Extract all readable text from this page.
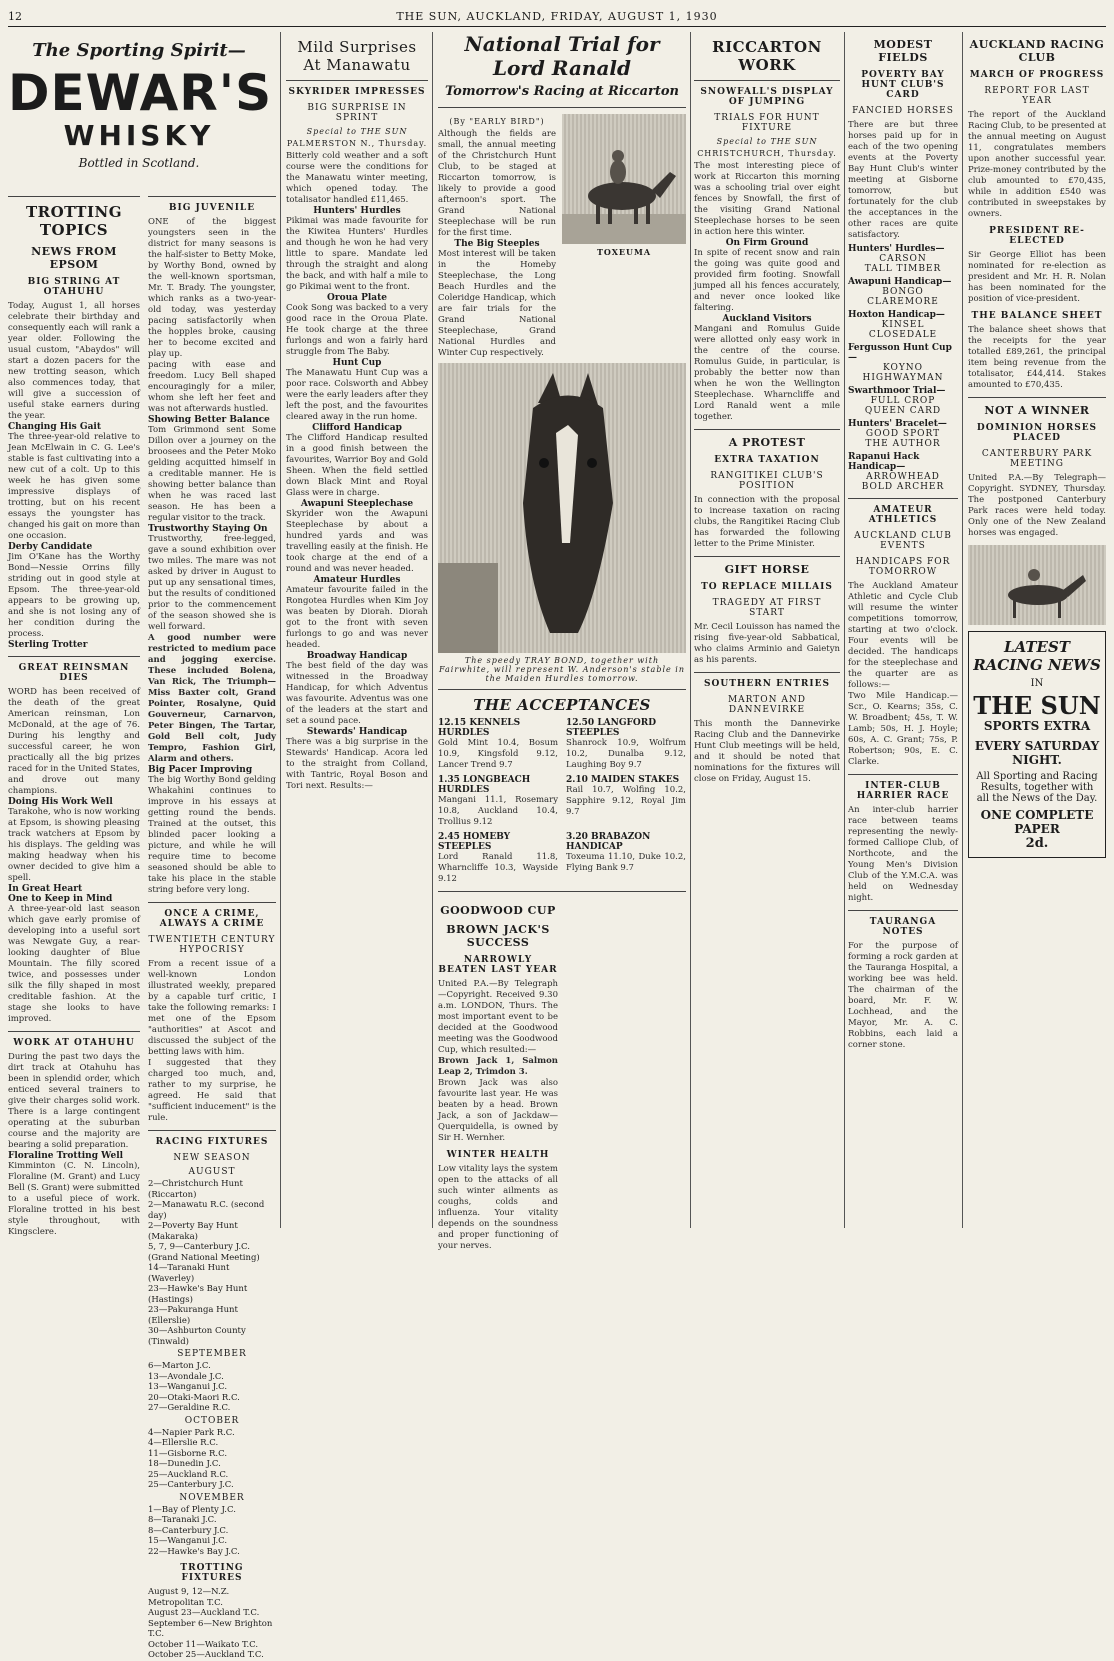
12	THE SUN, AUCKLAND, FRIDAY, AUGUST 1, 1930
The Sporting Spirit—
DEWAR'S
WHISKY
Bottled in Scotland.
TROTTING TOPICS
NEWS FROM EPSOM
BIG STRING AT OTAHUHU

Today, August 1, all horses celebrate their birthday and consequently each will rank a year older. Following the usual custom, "Abaydos" will start a dozen pacers for the new trotting season, which also commences today, that will give a succession of useful stake earners during the year.

Changing His Gait

The three-year-old relative to Jean McElwain in C. G. Lee's stable is fast cultivating into a new cut of a colt. Up to this week he has given some impressive displays of trotting, but on his recent essays the youngster has changed his gait on more than one occasion.

Derby Candidate

Jim O'Kane has the Worthy Bond—Nessie Orrins filly striding out in good style at Epsom. The three-year-old appears to be growing up, and she is not losing any of her condition during the process.

Sterling Trotter
GREAT REINSMAN DIES

WORD has been received of the death of the great American reinsman, Lon McDonald, at the age of 76. During his lengthy and successful career, he won practically all the big prizes raced for in the United States, and drove out many champions.

Doing His Work Well

Tarakohe, who is now working at Epsom, is showing pleasing track watchers at Epsom by his displays. The gelding was making headway when his owner decided to give him a spell.

In Great Heart
One to Keep in Mind

A three-year-old last season which gave early promise of developing into a useful sort was Newgate Guy, a rear-looking daughter of Blue Mountain. The filly scored twice, and possesses under silk the filly shaped in most creditable fashion. At the stage she looks to have improved.

WORK AT OTAHUHU

During the past two days the dirt track at Otahuhu has been in splendid order, which enticed several trainers to give their charges solid work. There is a large contingent operating at the suburban course and the majority are bearing a solid preparation.

Floraline Trotting Well

Kimminton (C. N. Lincoln), Floraline (M. Grant) and Lucy Bell (S. Grant) were submitted to a useful piece of work. Floraline trotted in his best style throughout, with Kingsclere.

BIG JUVENILE

ONE of the biggest youngsters seen in the district for many seasons is the half-sister to Betty Moke, by Worthy Bond, owned by the well-known sportsman, Mr. T. Brady. The youngster, which ranks as a two-year-old today, was yesterday pacing satisfactorily when the hopples broke, causing her to become excited and play up.

pacing with ease and freedom. Lucy Bell shaped encouragingly for a miler, whom she left her feet and was not afterwards hustled.

Showing Better Balance

Tom Grimmond sent Some Dillon over a journey on the broosees and the Peter Moko gelding acquitted himself in a creditable manner. He is showing better balance than when he was raced last season. He has been a regular visitor to the track.

Trustworthy Staying On

Trustworthy, free-legged, gave a sound exhibition over two miles. The mare was not asked by driver in August to put up any sensational times, but the results of conditioned prior to the commencement of the season showed she is well forward.

A good number were restricted to medium pace and jogging exercise. These included Bolena, Van Rick, The Triumph—Miss Baxter colt, Grand Pointer, Rosalyne, Quid Gouverneur, Carnarvon, Peter Bingen, The Tartar, Gold Bell colt, Judy Tempro, Fashion Girl, Alarm and others.

Big Pacer Improving

The big Worthy Bond gelding Whakahini continues to improve in his essays at getting round the bends. Trained at the outset, this blinded pacer looking a picture, and while he will require time to become seasoned should be able to take his place in the stable string before very long.

ONCE A CRIME, ALWAYS A CRIME
TWENTIETH CENTURY HYPOCRISY

From a recent issue of a well-known London illustrated weekly, prepared by a capable turf critic, I take the following remarks: I met one of the Epsom "authorities" at Ascot and discussed the subject of the betting laws with him.

I suggested that they charged too much, and, rather to my surprise, he agreed. He said that "sufficient inducement" is the rule.

RACING FIXTURES
NEW SEASON
AUGUST
2—Christchurch Hunt (Riccarton)
2—Manawatu R.C. (second day)
2—Poverty Bay Hunt (Makaraka)
5, 7, 9—Canterbury J.C. (Grand National Meeting)
14—Taranaki Hunt (Waverley)
23—Hawke's Bay Hunt (Hastings)
23—Pakuranga Hunt (Ellerslie)
30—Ashburton County (Tinwald)
SEPTEMBER
6—Marton J.C.
13—Avondale J.C.
13—Wanganui J.C.
20—Otaki-Maori R.C.
27—Geraldine R.C.
OCTOBER
4—Napier Park R.C.
4—Ellerslie R.C.
11—Gisborne R.C.
18—Dunedin J.C.
25—Auckland R.C.
25—Canterbury J.C.
NOVEMBER
1—Bay of Plenty J.C.
8—Taranaki J.C.
8—Canterbury J.C.
15—Wanganui J.C.
22—Hawke's Bay J.C.
TROTTING FIXTURES
August 9, 12—N.Z. Metropolitan T.C.
August 23—Auckland T.C.
September 6—New Brighton T.C.
October 11—Waikato T.C.
October 25—Auckland T.C.
Mild Surprises At Manawatu
SKYRIDER IMPRESSES
BIG SURPRISE IN SPRINT
Special to THE SUN
PALMERSTON N., Thursday.

Bitterly cold weather and a soft course were the conditions for the Manawatu winter meeting, which opened today. The totalisator handled £11,465.

Hunters' Hurdles

Pikimai was made favourite for the Kiwitea Hunters' Hurdles and though he won he had very little to spare. Mandate led through the straight and along the back, and with half a mile to go Pikimai went to the front.

Oroua Plate

Cook Song was backed to a very good race in the Oroua Plate. He took charge at the three furlongs and won a fairly hard struggle from The Baby.

Hunt Cup

The Manawatu Hunt Cup was a poor race. Colsworth and Abbey were the early leaders after they left the post, and the favourites cleared away in the run home.

Clifford Handicap

The Clifford Handicap resulted in a good finish between the favourites, Warrior Boy and Gold Sheen. When the field settled down Black Mint and Royal Glass were in charge.

Awapuni Steeplechase

Skyrider won the Awapuni Steeplechase by about a hundred yards and was travelling easily at the finish. He took charge at the end of a round and was never headed.

Amateur Hurdles

Amateur favourite failed in the Rongotea Hurdles when Kim Joy was beaten by Diorah. Diorah got to the front with seven furlongs to go and was never headed.

Broadway Handicap

The best field of the day was witnessed in the Broadway Handicap, for which Adventus was favourite. Adventus was one of the leaders at the start and set a sound pace.

Stewards' Handicap

There was a big surprise in the Stewards' Handicap. Acora led to the straight from Colland, with Tantric, Royal Boson and Tori next. Results:—

National Trial for Lord Ranald
Tomorrow's Racing at Riccarton
(By "EARLY BIRD")

Although the fields are small, the annual meeting of the Christchurch Hunt Club, to be staged at Riccarton tomorrow, is likely to provide a good afternoon's sport. The Grand National Steeplechase will be run for the first time.

The Big Steeples

Most interest will be taken in the Homeby Steeplechase, the Long Beach Hurdles and the Coleridge Handicap, which are fair trials for the Grand National Steeplechase, Grand National Hurdles and Winter Cup respectively.

TOXEUMA

The speedy TRAY BOND, together with Fairwhite, will represent W. Anderson's stable in the Maiden Hurdles tomorrow.

THE ACCEPTANCES
12.15 KENNELS HURDLES
Gold Mint 10.4, Bosum 10.9, Kingsfold 9.12, Lancer Trend 9.7
12.50 LANGFORD STEEPLES
Shanrock 10.9, Wolfrum 10.2, Dunalba 9.12, Laughing Boy 9.7
1.35 LONGBEACH HURDLES
Mangani 11.1, Rosemary 10.8, Auckland 10.4, Trollius 9.12
2.10 MAIDEN STAKES
Rail 10.7, Wolfing 10.2, Sapphire 9.12, Royal Jim 9.7
2.45 HOMEBY STEEPLES
Lord Ranald 11.8, Wharncliffe 10.3, Wayside 9.12
3.20 BRABAZON HANDICAP
Toxeuma 11.10, Duke 10.2, Flying Bank 9.7
GOODWOOD CUP
BROWN JACK'S SUCCESS
NARROWLY BEATEN LAST YEAR

United P.A.—By Telegraph—Copyright. Received 9.30 a.m. LONDON, Thurs. The most important event to be decided at the Goodwood meeting was the Goodwood Cup, which resulted:—

Brown Jack 1, Salmon Leap 2, Trimdon 3.

Brown Jack was also favourite last year. He was beaten by a head. Brown Jack, a son of Jackdaw—Querquidella, is owned by Sir H. Wernher.

WINTER HEALTH

Low vitality lays the system open to the attacks of all such winter ailments as coughs, colds and influenza. Your vitality depends on the soundness and proper functioning of your nerves.

RICCARTON WORK
SNOWFALL'S DISPLAY OF JUMPING
TRIALS FOR HUNT FIXTURE
Special to THE SUN
CHRISTCHURCH, Thursday.

The most interesting piece of work at Riccarton this morning was a schooling trial over eight fences by Snowfall, the first of the visiting Grand National Steeplechase horses to be seen in action here this winter.

On Firm Ground

In spite of recent snow and rain the going was quite good and provided firm footing. Snowfall jumped all his fences accurately, and never once looked like faltering.

Auckland Visitors

Mangani and Romulus Guide were allotted only easy work in the centre of the course. Romulus Guide, in particular, is probably the better now than when he won the Wellington Steeplechase. Wharncliffe and Lord Ranald went a mile together.

A PROTEST
EXTRA TAXATION
RANGITIKEI CLUB'S POSITION

In connection with the proposal to increase taxation on racing clubs, the Rangitikei Racing Club has forwarded the following letter to the Prime Minister.

GIFT HORSE
TO REPLACE MILLAIS
TRAGEDY AT FIRST START

Mr. Cecil Louisson has named the rising five-year-old Sabbatical, who claims Arminio and Gaietyn as his parents.

SOUTHERN ENTRIES
MARTON AND DANNEVIRKE

This month the Dannevirke Racing Club and the Dannevirke Hunt Club meetings will be held, and it should be noted that nominations for the fixtures will close on Friday, August 15.

MODEST FIELDS
POVERTY BAY HUNT CLUB'S CARD
FANCIED HORSES

There are but three horses paid up for in each of the two opening events at the Poverty Bay Hunt Club's winter meeting at Gisborne tomorrow, but fortunately for the club the acceptances in the other races are quite satisfactory.

Hunters' Hurdles—
CARSON
TALL TIMBER
Awapuni Handicap—
BONGO
CLAREMORE
Hoxton Handicap—
KINSEL
CLOSEDALE
Fergusson Hunt Cup—
KOYNO
HIGHWAYMAN
Swarthmoor Trial—
FULL CROP
QUEEN CARD
Hunters' Bracelet—
GOOD SPORT
THE AUTHOR
Rapanui Hack Handicap—
ARROWHEAD
BOLD ARCHER
AMATEUR ATHLETICS
AUCKLAND CLUB EVENTS
HANDICAPS FOR TOMORROW

The Auckland Amateur Athletic and Cycle Club will resume the winter competitions tomorrow, starting at two o'clock. Four events will be decided. The handicaps for the steeplechase and the quarter are as follows:—

Two Mile Handicap.—Scr., O. Kearns; 35s, C. W. Broadbent; 45s, T. W. Lamb; 50s, H. J. Hoyle; 60s, A. C. Grant; 75s, P. Robertson; 90s, E. C. Clarke.

INTER-CLUB HARRIER RACE

An inter-club harrier race between teams representing the newly-formed Calliope Club, of Northcote, and the Young Men's Division Club of the Y.M.C.A. was held on Wednesday night.

TAURANGA NOTES

For the purpose of forming a rock garden at the Tauranga Hospital, a working bee was held. The chairman of the board, Mr. F. W. Lochhead, and the Mayor, Mr. A. C. Robbins, each laid a corner stone.

AUCKLAND RACING CLUB
MARCH OF PROGRESS
REPORT FOR LAST YEAR

The report of the Auckland Racing Club, to be presented at the annual meeting on August 11, congratulates members upon another successful year. Prize-money contributed by the club amounted to £70,435, while in addition £540 was contributed in sweepstakes by owners.

PRESIDENT RE-ELECTED

Sir George Elliot has been nominated for re-election as president and Mr. H. R. Nolan has been nominated for the position of vice-president.

THE BALANCE SHEET

The balance sheet shows that the receipts for the year totalled £89,261, the principal item being revenue from the totalisator, £44,414. Stakes amounted to £70,435.

NOT A WINNER
DOMINION HORSES PLACED
CANTERBURY PARK MEETING

United P.A.—By Telegraph—Copyright. SYDNEY, Thursday. The postponed Canterbury Park races were held today. Only one of the New Zealand horses was engaged.

LATEST RACING NEWS
IN
THE SUN
SPORTS EXTRA
EVERY SATURDAY NIGHT.
All Sporting and Racing Results, together with all the News of the Day.
ONE COMPLETE PAPER
2d.
